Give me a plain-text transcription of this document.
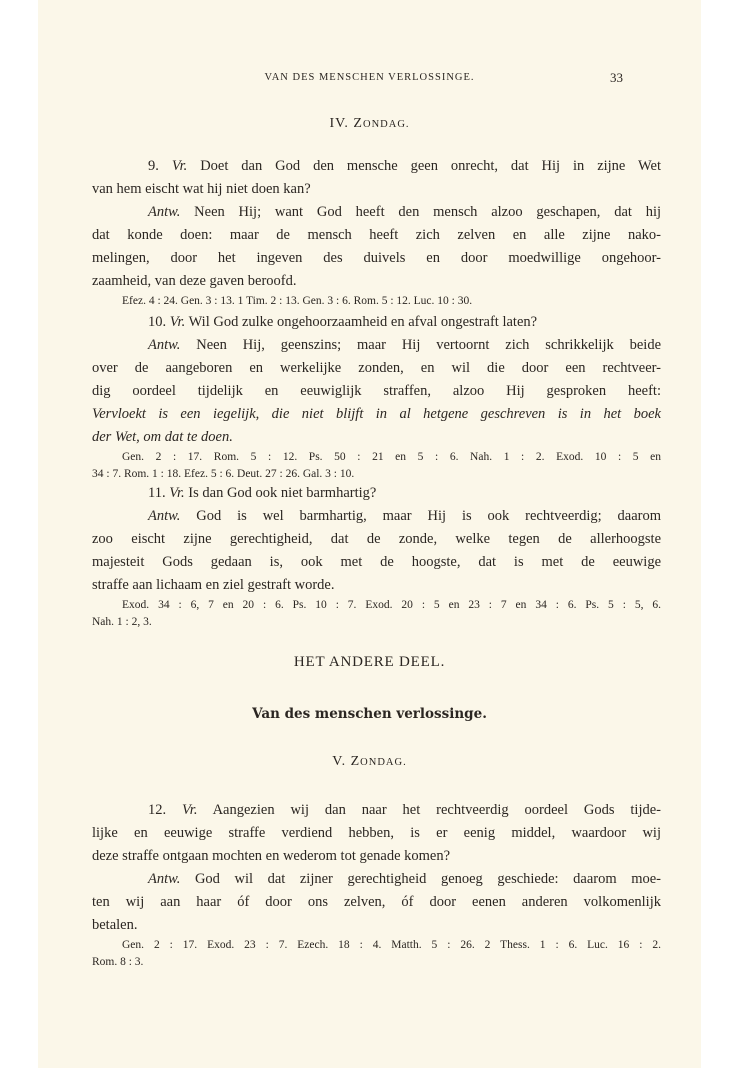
VAN DES MENSCHEN VERLOSSINGE.	33
IV. ZONDAG.
9. Vr. Doet dan God den mensche geen onrecht, dat Hij in zijne Wet
van hem eischt wat hij niet doen kan?
Antw. Neen Hij; want God heeft den mensch alzoo geschapen, dat hij
dat konde doen: maar de mensch heeft zich zelven en alle zijne nako-
melingen, door het ingeven des duivels en door moedwillige ongehoor-
zaamheid, van deze gaven beroofd.
Efez. 4 : 24. Gen. 3 : 13. 1 Tim. 2 : 13. Gen. 3 : 6. Rom. 5 : 12. Luc. 10 : 30.
10. Vr. Wil God zulke ongehoorzaamheid en afval ongestraft laten?
Antw. Neen Hij, geenszins; maar Hij vertoornt zich schrikkelijk beide
over de aangeboren en werkelijke zonden, en wil die door een rechtveer-
dig oordeel tijdelijk en eeuwiglijk straffen, alzoo Hij gesproken heeft:
Vervloekt is een iegelijk, die niet blijft in al hetgene geschreven is in het boek
der Wet, om dat te doen.
Gen. 2 : 17. Rom. 5 : 12. Ps. 50 : 21 en 5 : 6. Nah. 1 : 2. Exod. 10 : 5 en
34 : 7. Rom. 1 : 18. Efez. 5 : 6. Deut. 27 : 26. Gal. 3 : 10.
11. Vr. Is dan God ook niet barmhartig?
Antw. God is wel barmhartig, maar Hij is ook rechtveerdig; daarom
zoo eischt zijne gerechtigheid, dat de zonde, welke tegen de allerhoogste
majesteit Gods gedaan is, ook met de hoogste, dat is met de eeuwige
straffe aan lichaam en ziel gestraft worde.
Exod. 34 : 6, 7 en 20 : 6. Ps. 10 : 7. Exod. 20 : 5 en 23 : 7 en 34 : 6. Ps. 5 : 5, 6.
Nah. 1 : 2, 3.
HET ANDERE DEEL.
Van des menschen verlossinge.
V. ZONDAG.
12. Vr. Aangezien wij dan naar het rechtveerdig oordeel Gods tijde-
lijke en eeuwige straffe verdiend hebben, is er eenig middel, waardoor wij
deze straffe ontgaan mochten en wederom tot genade komen?
Antw. God wil dat zijner gerechtigheid genoeg geschiede: daarom moe-
ten wij aan haar óf door ons zelven, óf door eenen anderen volkomenlijk
betalen.
Gen. 2 : 17. Exod. 23 : 7. Ezech. 18 : 4. Matth. 5 : 26. 2 Thess. 1 : 6. Luc. 16 : 2.
Rom. 8 : 3.
